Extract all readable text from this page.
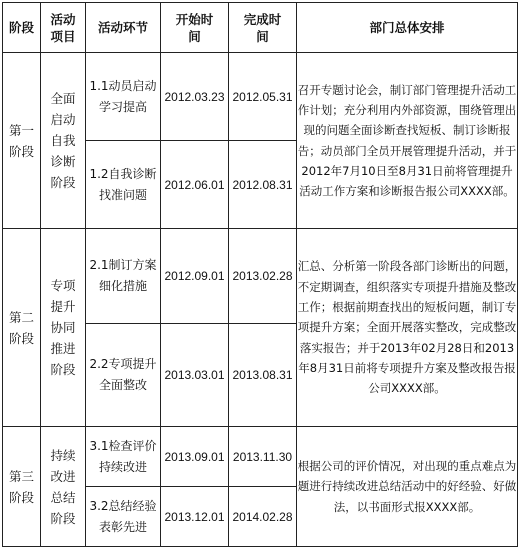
阶段	活动项目	活动环节	开始时间	完成时间	部门总体安排
第一阶段	全面启动自我诊断阶段	1.1动员启动学习提高	2012.03.23	2012.05.31	召开专题讨论会，制订部门管理提升活动工作计划；充分利用内外部资源，围绕管理出现的问题全面诊断查找短板、制订诊断报告；动员部门全员开展管理提升活动，并于2012年7月10日至8月31日前将管理提升活动工作方案和诊断报告报公司XXXX部。
		1.2自我诊断找准问题	2012.06.01	2012.08.31	
第二阶段	专项提升协同推进阶段	2.1制订方案细化措施	2012.09.01	2013.02.28	汇总、分析第一阶段各部门诊断出的问题，不定期调查，组织落实专项提升措施及整改工作；根据前期查找出的短板问题，制订专项提升方案；全面开展落实整改，完成整改落实报告；并于2013年02月28日和2013年8月31日前将专项提升方案及整改报告报公司XXXX部。
		2.2专项提升全面整改	2013.03.01	2013.08.31	
第三阶段	持续改进总结阶段	3.1检查评价持续改进	2013.09.01	2013.11.30	根据公司的评价情况，对出现的重点难点为题进行持续改进总结活动中的好经验、好做法，以书面形式报XXXX部。
		3.2总结经验表彰先进	2013.12.01	2014.02.28	
